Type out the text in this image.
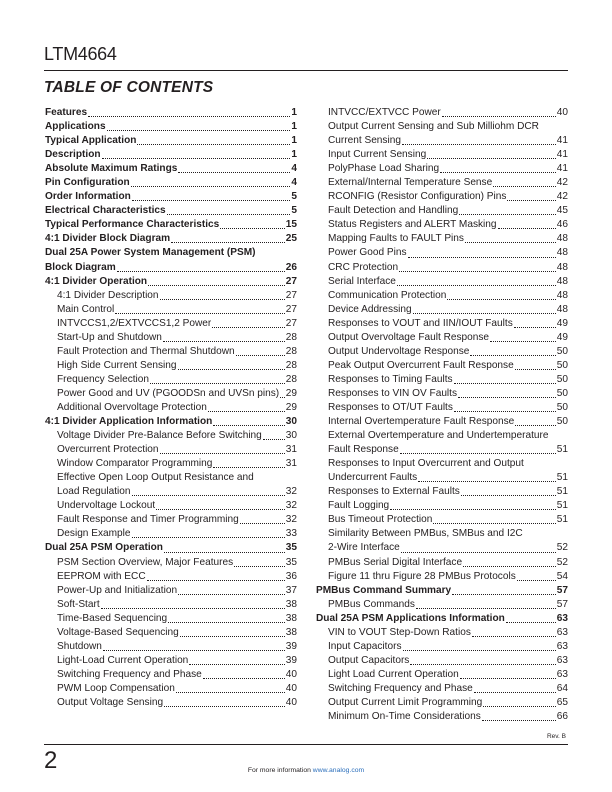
LTM4664
TABLE OF CONTENTS
Features	1
Applications	1
Typical Application	1
Description	1
Absolute Maximum Ratings	4
Pin Configuration	4
Order Information	5
Electrical Characteristics	5
Typical Performance Characteristics	15
4:1 Divider Block Diagram	25
Dual 25A Power System Management (PSM)
Block Diagram	26
4:1 Divider Operation	27
4:1 Divider Description	27
Main Control	27
INTVCCS1,2/EXTVCCS1,2 Power	27
Start-Up and Shutdown	28
Fault Protection and Thermal Shutdown	28
High Side Current Sensing	28
Frequency Selection	28
Power Good and UV (PGOODSn and UVSn pins) 29
Additional Overvoltage Protection	29
4:1 Divider Application Information	30
Voltage Divider Pre-Balance Before Switching 30
Overcurrent Protection	31
Window Comparator Programming	31
Effective Open Loop Output Resistance and
Load Regulation	32
Undervoltage Lockout	32
Fault Response and Timer Programming	32
Design Example	33
Dual 25A PSM Operation	35
PSM Section Overview, Major Features	35
EEPROM with ECC	36
Power-Up and Initialization	37
Soft-Start	38
Time-Based Sequencing	38
Voltage-Based Sequencing	38
Shutdown	39
Light-Load Current Operation	39
Switching Frequency and Phase	40
PWM Loop Compensation	40
Output Voltage Sensing	40
INTVCC/EXTVCC Power	40
Output Current Sensing and Sub Milliohm DCR
Current Sensing	41
Input Current Sensing	41
PolyPhase Load Sharing	41
External/Internal Temperature Sense	42
RCONFIG (Resistor Configuration) Pins	42
Fault Detection and Handling	45
Status Registers and ALERT Masking	46
Mapping Faults to FAULT Pins	48
Power Good Pins	48
CRC Protection	48
Serial Interface	48
Communication Protection	48
Device Addressing	48
Responses to VOUT and IIN/IOUT Faults	49
Output Overvoltage Fault Response	49
Output Undervoltage Response	50
Peak Output Overcurrent Fault Response	50
Responses to Timing Faults	50
Responses to VIN OV Faults	50
Responses to OT/UT Faults	50
Internal Overtemperature Fault Response	50
External Overtemperature and Undertemperature
Fault Response	51
Responses to Input Overcurrent and Output
Undercurrent Faults	51
Responses to External Faults	51
Fault Logging	51
Bus Timeout Protection	51
Similarity Between PMBus, SMBus and I2C
2-Wire Interface	52
PMBus Serial Digital Interface	52
Figure 11 thru Figure 28 PMBus Protocols	54
PMBus Command Summary	57
PMBus Commands	57
Dual 25A PSM Applications Information	63
VIN to VOUT Step-Down Ratios	63
Input Capacitors	63
Output Capacitors	63
Light Load Current Operation	63
Switching Frequency and Phase	64
Output Current Limit Programming	65
Minimum On-Time Considerations	66
Rev. B
2	For more information www.analog.com
